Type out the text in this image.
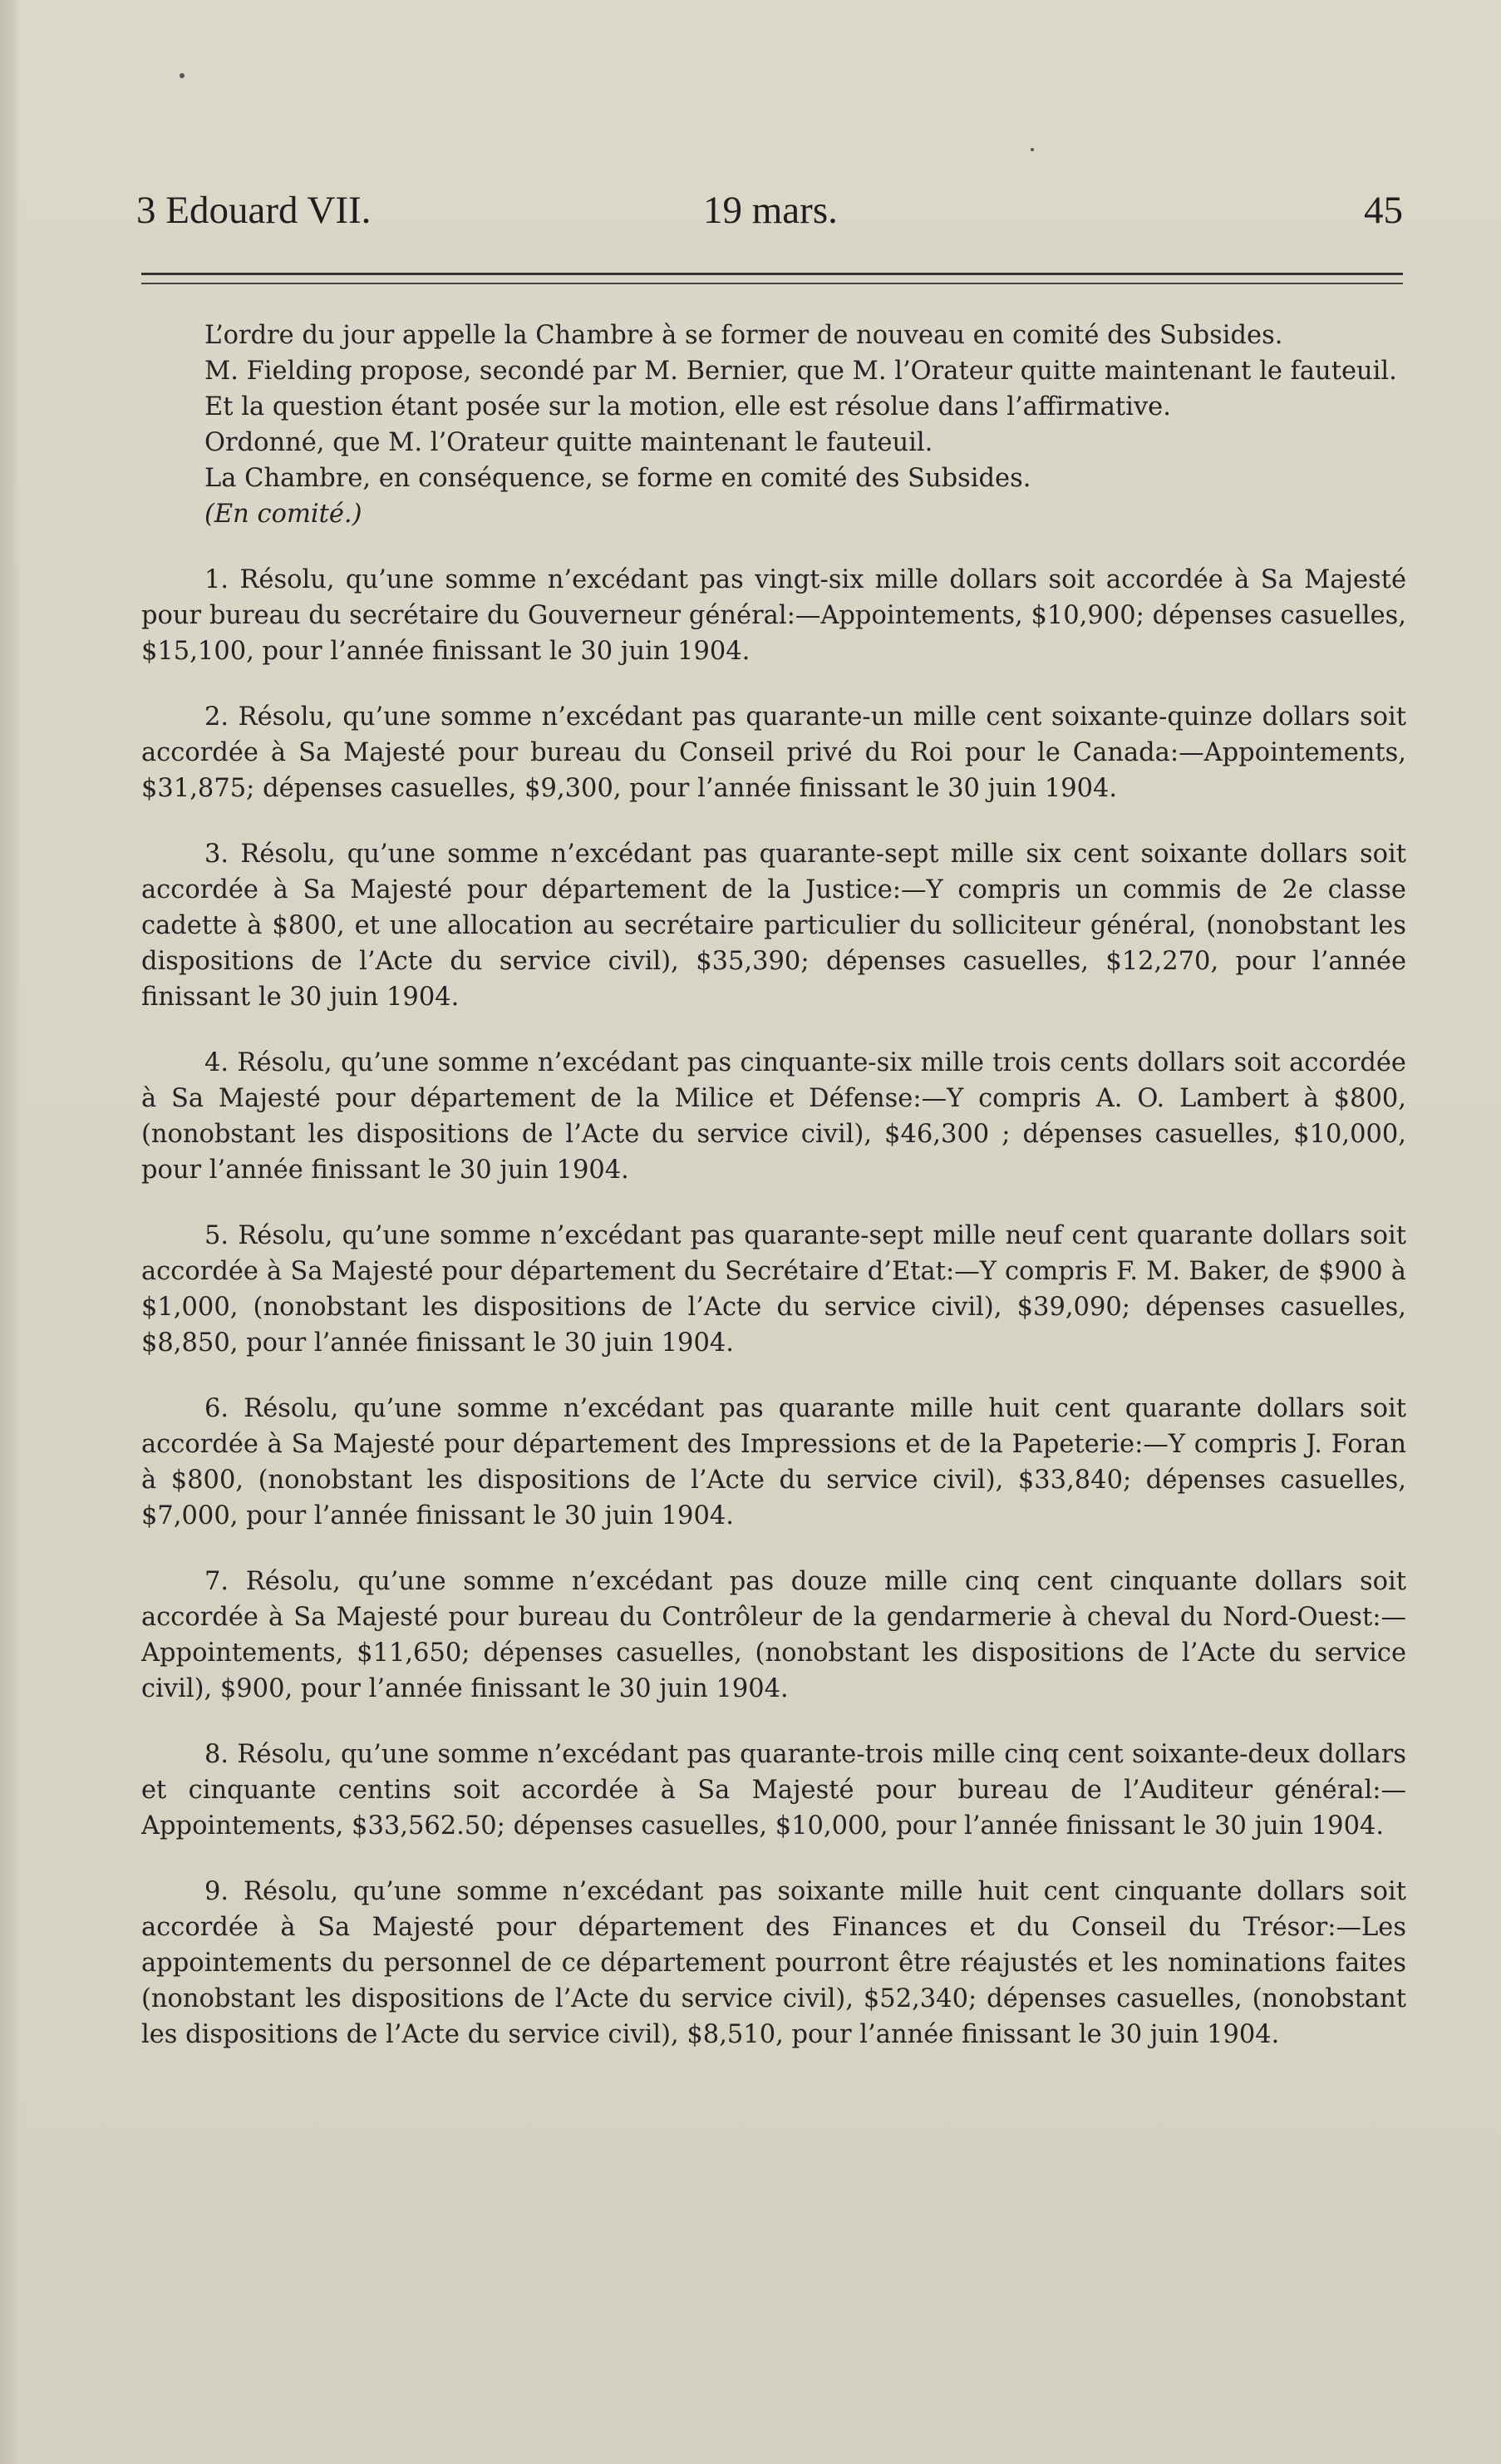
3 Edouard VII.	19 mars.	45

L’ordre du jour appelle la Chambre à se former de nouveau en comité des Subsides.

M. Fielding propose, secondé par M. Bernier, que M. l’Orateur quitte maintenant le fauteuil.

Et la question étant posée sur la motion, elle est résolue dans l’affirmative.

Ordonné, que M. l’Orateur quitte maintenant le fauteuil.

La Chambre, en conséquence, se forme en comité des Subsides.

(En comité.)

1. Résolu, qu’une somme n’excédant pas vingt-six mille dollars soit accordée à Sa Majesté pour bureau du secrétaire du Gouverneur général:—Appointements, $10,900; dépenses casuelles, $15,100, pour l’année finissant le 30 juin 1904.

2. Résolu, qu’une somme n’excédant pas quarante-un mille cent soixante-quinze dollars soit accordée à Sa Majesté pour bureau du Conseil privé du Roi pour le Canada:—Appointements, $31,875; dépenses casuelles, $9,300, pour l’année finissant le 30 juin 1904.

3. Résolu, qu’une somme n’excédant pas quarante-sept mille six cent soixante dollars soit accordée à Sa Majesté pour département de la Justice:—Y compris un commis de 2e classe cadette à $800, et une allocation au secrétaire particulier du solliciteur général, (nonobstant les dispositions de l’Acte du service civil), $35,390; dépenses casuelles, $12,270, pour l’année finissant le 30 juin 1904.

4. Résolu, qu’une somme n’excédant pas cinquante-six mille trois cents dollars soit accordée à Sa Majesté pour département de la Milice et Défense:—Y compris A. O. Lambert à $800, (nonobstant les dispositions de l’Acte du service civil), $46,300 ; dépenses casuelles, $10,000, pour l’année finissant le 30 juin 1904.

5. Résolu, qu’une somme n’excédant pas quarante-sept mille neuf cent quarante dollars soit accordée à Sa Majesté pour département du Secrétaire d’Etat:—Y compris F. M. Baker, de $900 à $1,000, (nonobstant les dispositions de l’Acte du service civil), $39,090; dépenses casuelles, $8,850, pour l’année finissant le 30 juin 1904.

6. Résolu, qu’une somme n’excédant pas quarante mille huit cent quarante dollars soit accordée à Sa Majesté pour département des Impressions et de la Papeterie:—Y compris J. Foran à $800, (nonobstant les dispositions de l’Acte du service civil), $33,840; dépenses casuelles, $7,000, pour l’année finissant le 30 juin 1904.

7. Résolu, qu’une somme n’excédant pas douze mille cinq cent cinquante dollars soit accordée à Sa Majesté pour bureau du Contrôleur de la gendarmerie à cheval du Nord-Ouest:—Appointements, $11,650; dépenses casuelles, (nonobstant les dispositions de l’Acte du service civil), $900, pour l’année finissant le 30 juin 1904.

8. Résolu, qu’une somme n’excédant pas quarante-trois mille cinq cent soixante-deux dollars et cinquante centins soit accordée à Sa Majesté pour bureau de l’Auditeur général:—Appointements, $33,562.50; dépenses casuelles, $10,000, pour l’année finissant le 30 juin 1904.

9. Résolu, qu’une somme n’excédant pas soixante mille huit cent cinquante dollars soit accordée à Sa Majesté pour département des Finances et du Conseil du Trésor:—Les appointements du personnel de ce département pourront être réajustés et les nominations faites (nonobstant les dispositions de l’Acte du service civil), $52,340; dépenses casuelles, (nonobstant les dispositions de l’Acte du service civil), $8,510, pour l’année finissant le 30 juin 1904.
